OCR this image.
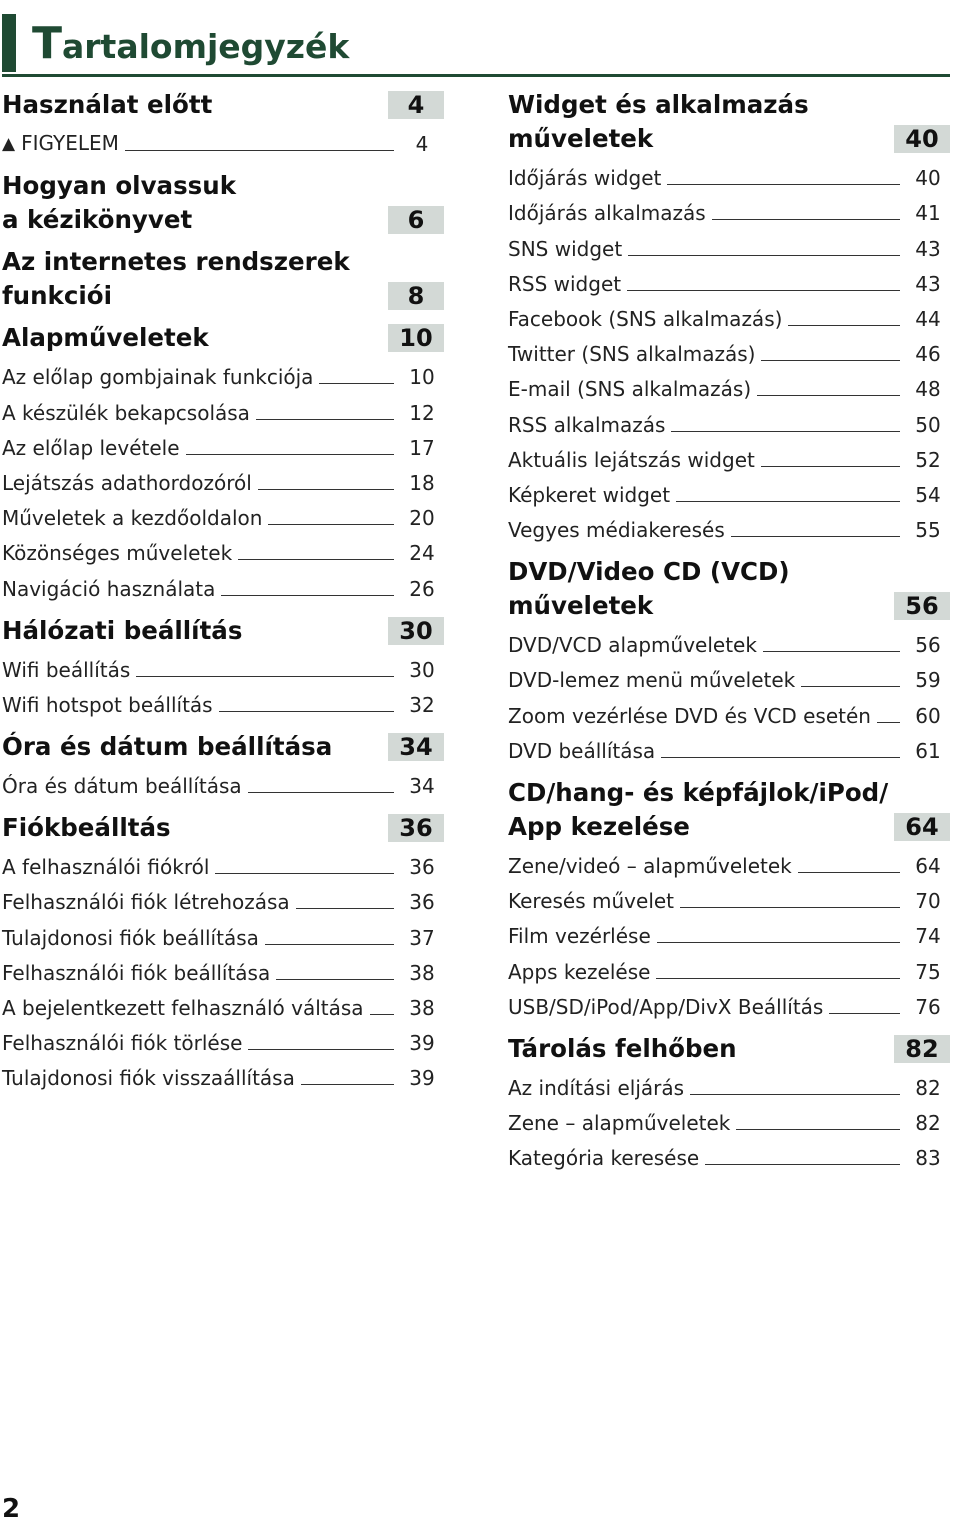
Tartalomjegyzék
Használat előtt	4
▲ FIGYELEM	4
Hogyan olvassuk
a kézikönyvet	6
Az internetes rendszerek
funkciói	8
Alapműveletek	10
Az előlap gombjainak funkciója	10
A készülék bekapcsolása	12
Az előlap levétele	17
Lejátszás adathordozóról	18
Műveletek a kezdőoldalon	20
Közönséges műveletek	24
Navigáció használata	26
Hálózati beállítás	30
Wifi beállítás	30
Wifi hotspot beállítás	32
Óra és dátum beállítása	34
Óra és dátum beállítása	34
Fiókbeálltás	36
A felhasználói fiókról	36
Felhasználói fiók létrehozása	36
Tulajdonosi fiók beállítása	37
Felhasználói fiók beállítása	38
A bejelentkezett felhasználó váltása	38
Felhasználói fiók törlése	39
Tulajdonosi fiók visszaállítása	39
Widget és alkalmazás
műveletek	40
Időjárás widget	40
Időjárás alkalmazás	41
SNS widget	43
RSS widget	43
Facebook (SNS alkalmazás)	44
Twitter (SNS alkalmazás)	46
E-mail (SNS alkalmazás)	48
RSS alkalmazás	50
Aktuális lejátszás widget	52
Képkeret widget	54
Vegyes médiakeresés	55
DVD/Video CD (VCD)
műveletek	56
DVD/VCD alapműveletek	56
DVD-lemez menü műveletek	59
Zoom vezérlése DVD és VCD esetén	60
DVD beállítása	61
CD/hang- és képfájlok/iPod/
App kezelése	64
Zene/videó – alapműveletek	64
Keresés művelet	70
Film vezérlése	74
Apps kezelése	75
USB/SD/iPod/App/DivX Beállítás	76
Tárolás felhőben	82
Az indítási eljárás	82
Zene – alapműveletek	82
Kategória keresése	83
2
